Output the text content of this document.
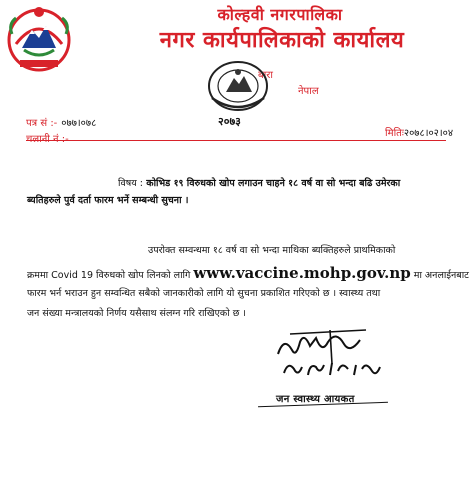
कोल्हवी नगरपालिका
नगर कार्यपालिकाको कार्यालय
बारा
नेपाल
२०७३
पत्र सं :- ०७७।०७८
मितिः२०७८।०२।०४
विषय : कोभिड १९ विरुधको खोप लगाउन चाहने १८ वर्ष वा सो भन्दा बढि उमेरका
ब्यतिहरुले पुर्व दर्ता फारम भर्ने सम्बन्धी सुचना ।
उपरोक्त सम्वन्धमा १८ वर्ष वा सो भन्दा माथिका ब्यक्तिहरुले प्राथमिकाको
क्रममा Covid 19 विरुधको खोप लिनको लागि www.vaccine.mohp.gov.np मा अनलाईनबाट
फारम भर्न भराउन हुन सम्वन्धित सबैको जानकारीको लागि यो सुचना प्रकाशित गरिएको छ । स्वास्थ्य तथा
जन संख्या मन्त्रालयको निर्णय यसैसाथ संलग्न गरि राखिएको छ ।
जन स्वास्थ्य आयकत
